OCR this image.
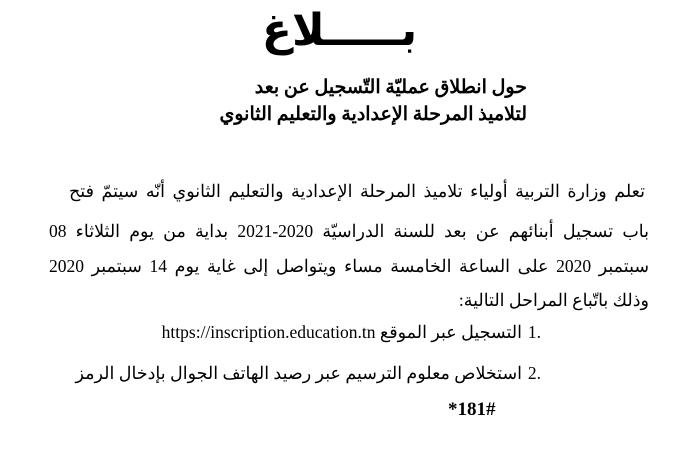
بـــــلاغ
حول انطلاق عمليّة التّسجيل عن بعد
لتلاميذ المرحلة الإعدادية والتعليم الثانوي
تعلم وزارة التربية أولياء تلاميذ المرحلة الإعدادية والتعليم الثانوي أنّه سيتمّ فتح
باب تسجيل أبنائهم عن بعد للسنة الدراسيّة 2020-2021 بداية من يوم الثلاثاء 08
سبتمبر 2020 على الساعة الخامسة مساء ويتواصل إلى غاية يوم 14 سبتمبر 2020
وذلك باتّباع المراحل التالية:
1.
التسجيل عبر الموقع https://inscription.education.tn
2.
استخلاص معلوم الترسيم عبر رصيد الهاتف الجوال بإدخال الرمز
*181#
